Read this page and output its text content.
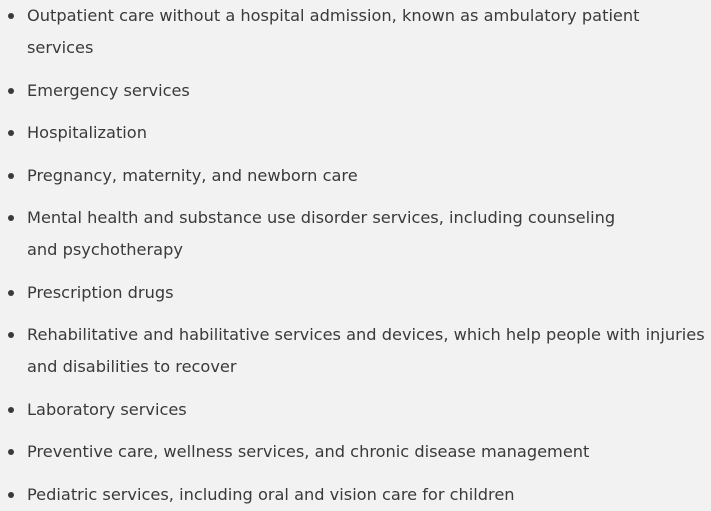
Outpatient care without a hospital admission, known as ambulatory patient services
Emergency services
Hospitalization
Pregnancy, maternity, and newborn care
Mental health and substance use disorder services, including counseling and psychotherapy
Prescription drugs
Rehabilitative and habilitative services and devices, which help people with injuries and disabilities to recover
Laboratory services
Preventive care, wellness services, and chronic disease management
Pediatric services, including oral and vision care for children
